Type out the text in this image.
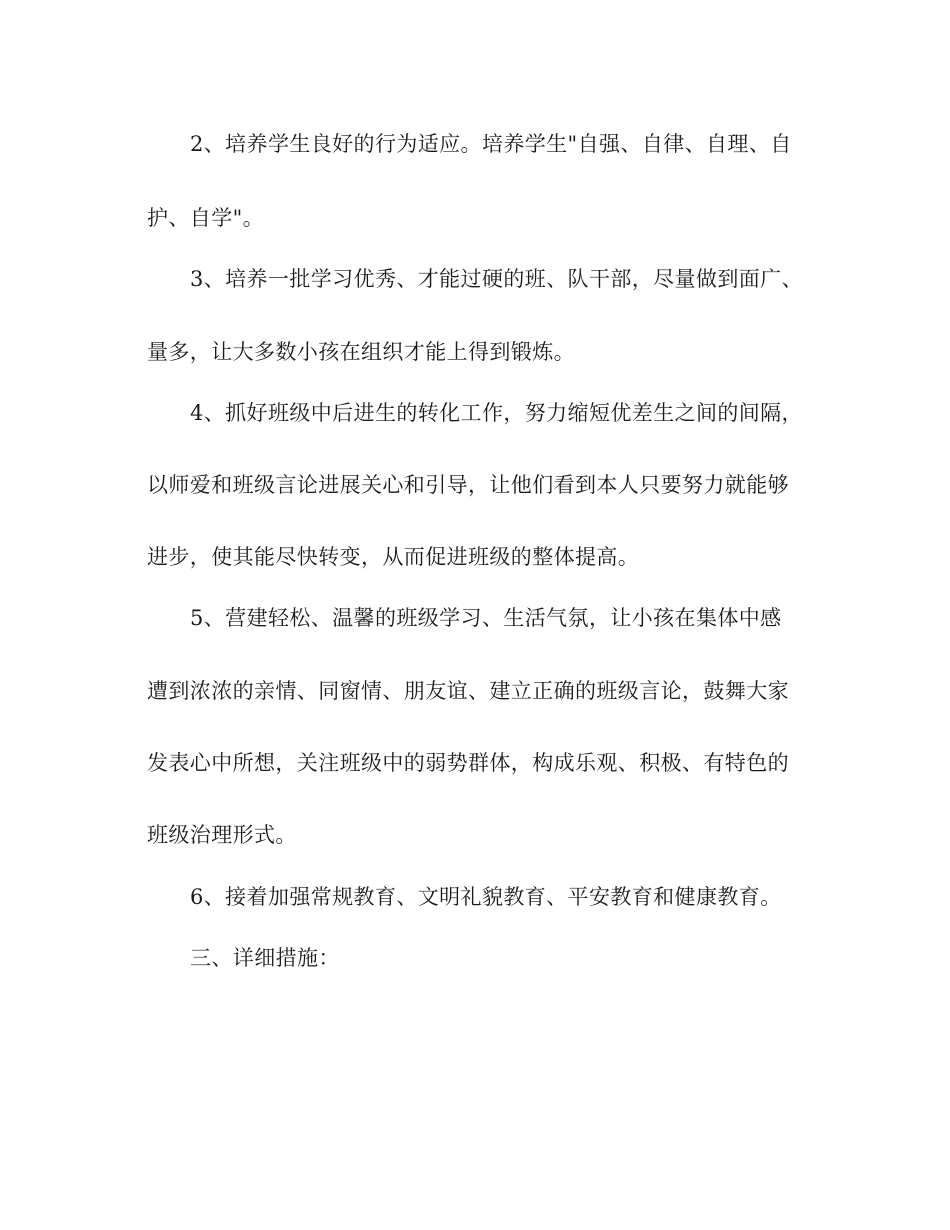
2、培养学生良好的行为适应。培养学生"自强、自律、自理、自
护、自学"。
3、培养一批学习优秀、才能过硬的班、队干部，尽量做到面广、
量多，让大多数小孩在组织才能上得到锻炼。
4、抓好班级中后进生的转化工作，努力缩短优差生之间的间隔，
以师爱和班级言论进展关心和引导，让他们看到本人只要努力就能够
进步，使其能尽快转变，从而促进班级的整体提高。
5、营建轻松、温馨的班级学习、生活气氛，让小孩在集体中感
遭到浓浓的亲情、同窗情、朋友谊、建立正确的班级言论，鼓舞大家
发表心中所想，关注班级中的弱势群体，构成乐观、积极、有特色的
班级治理形式。
6、接着加强常规教育、文明礼貌教育、平安教育和健康教育。
三、详细措施：
